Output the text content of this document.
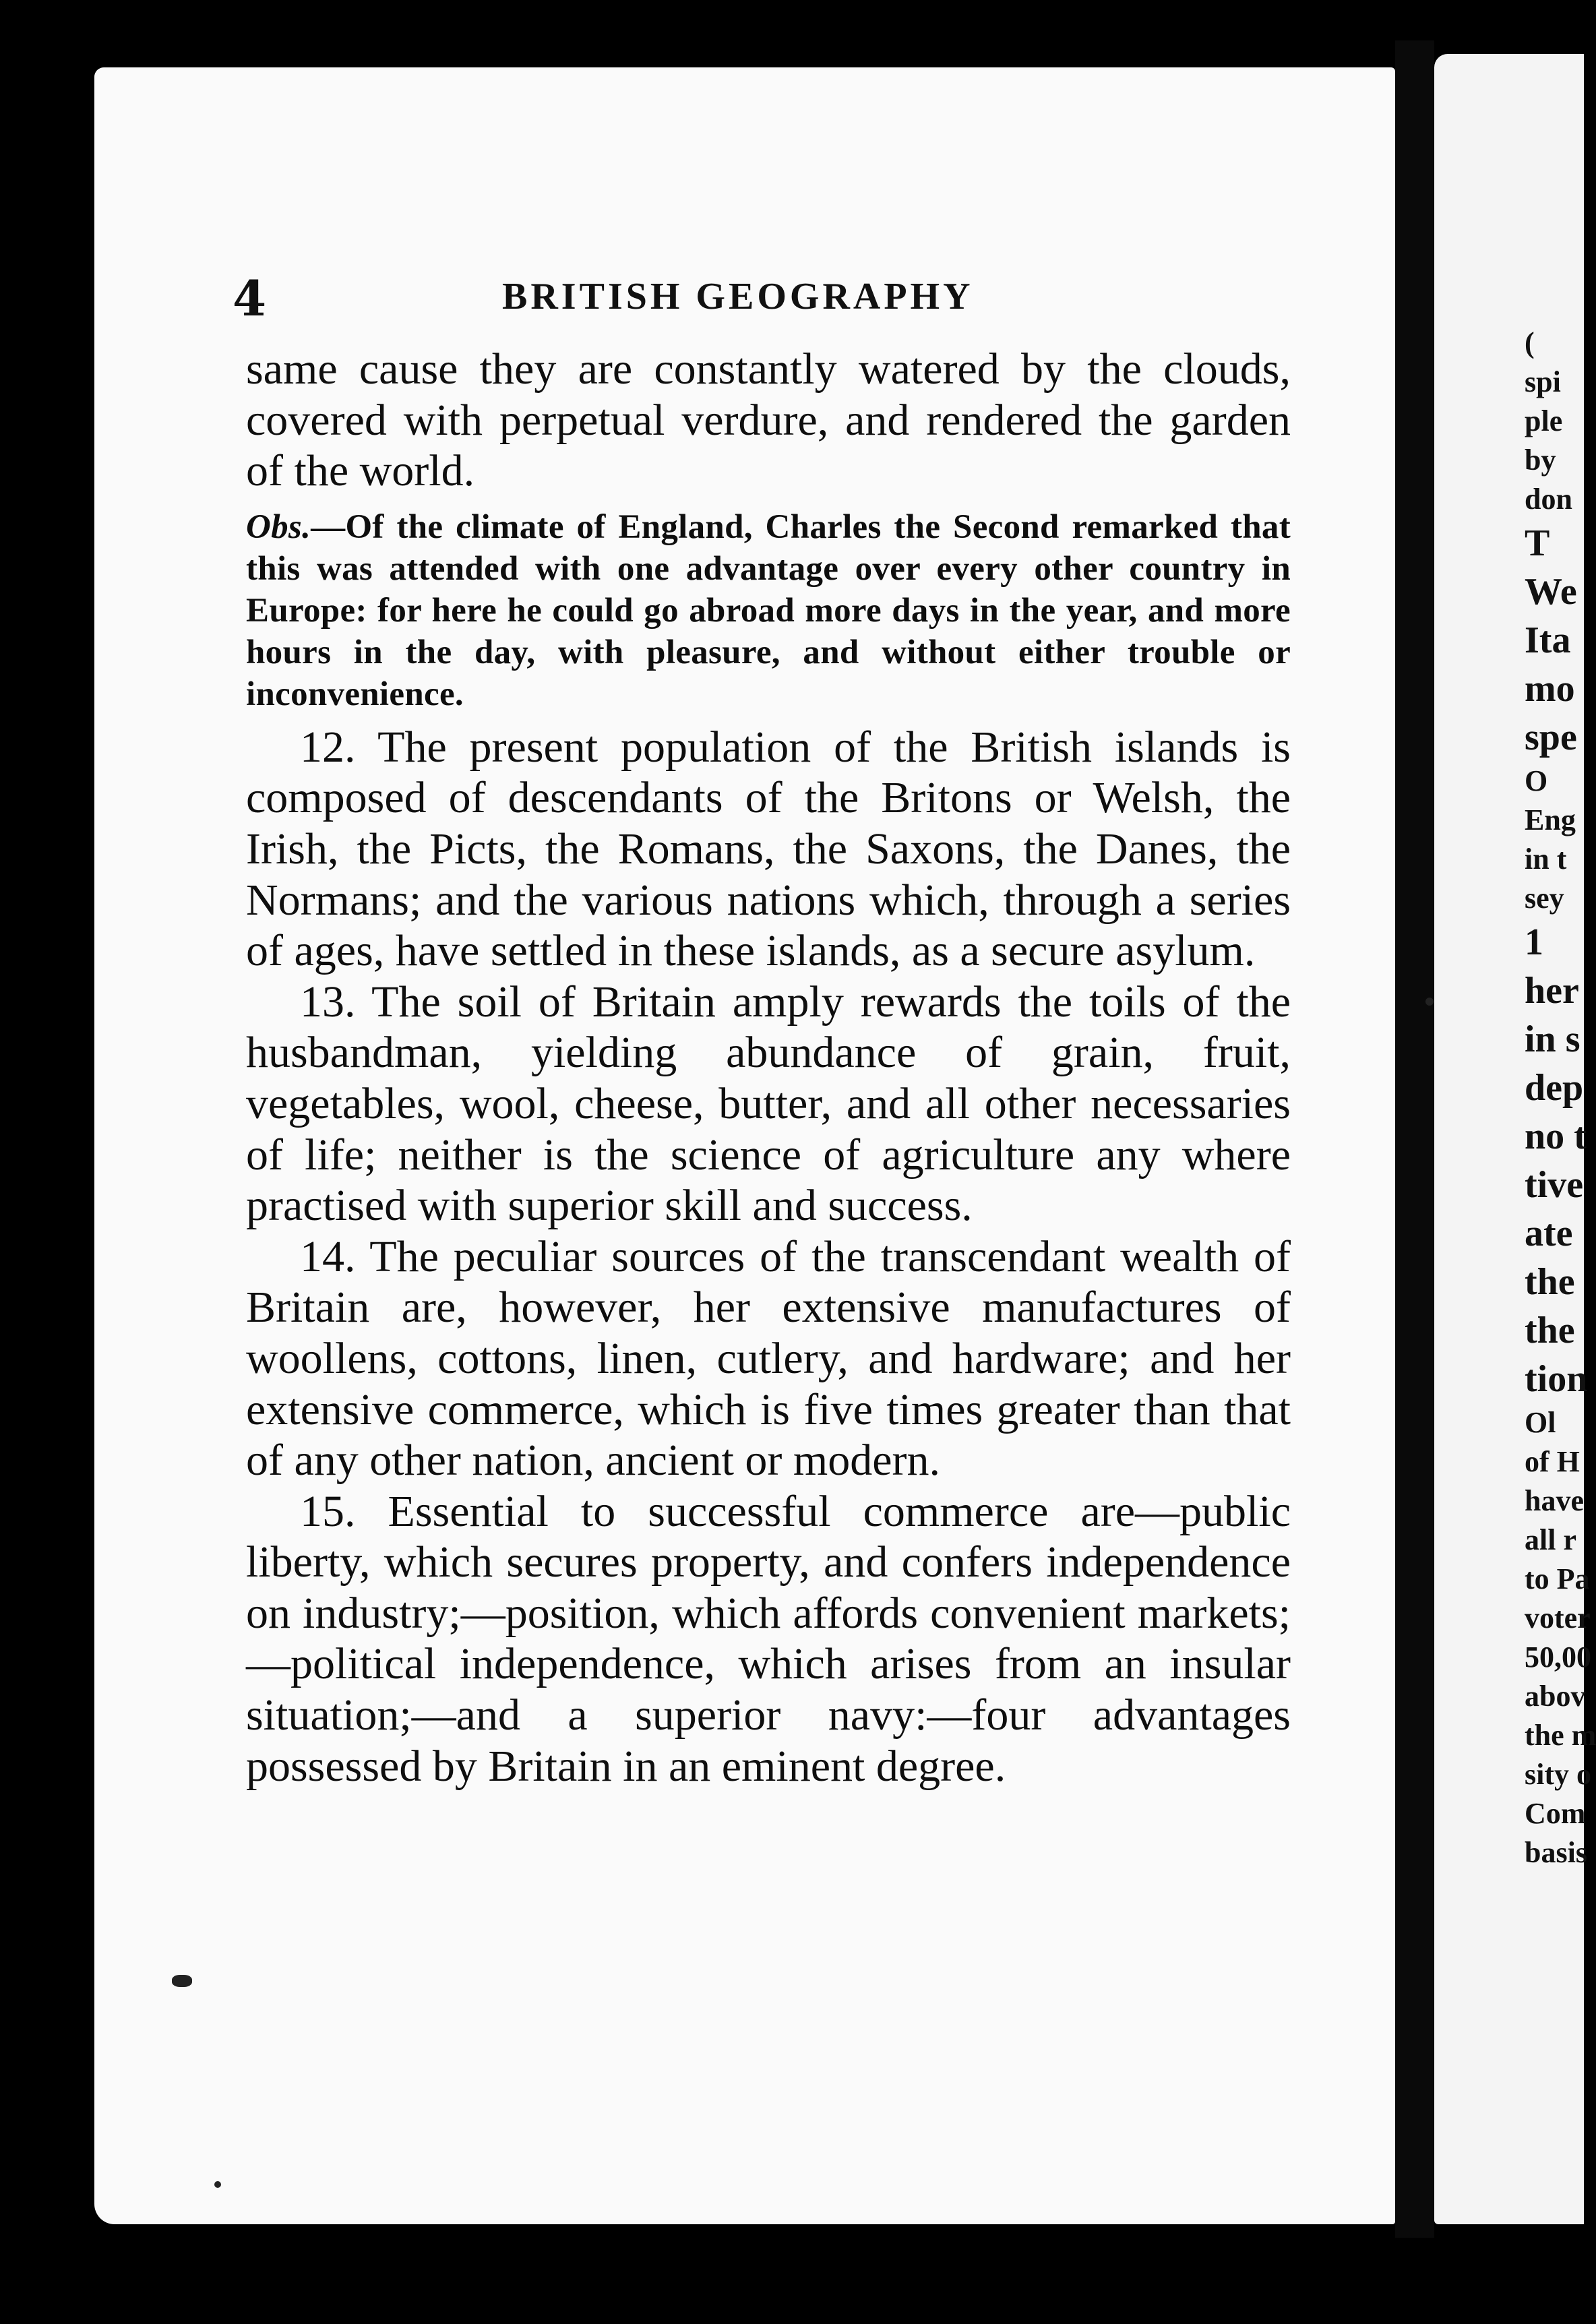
4	BRITISH GEOGRAPHY

same cause they are constantly watered by the clouds, covered with perpetual verdure, and rendered the garden of the world.

Obs.—Of the climate of England, Charles the Second remarked that this was attended with one advantage over every other country in Europe: for here he could go abroad more days in the year, and more hours in the day, with pleasure, and without either trouble or inconvenience.

12. The present population of the British islands is composed of descendants of the Britons or Welsh, the Irish, the Picts, the Romans, the Saxons, the Danes, the Normans; and the various nations which, through a series of ages, have settled in these islands, as a secure asylum.

13. The soil of Britain amply rewards the toils of the husbandman, yielding abundance of grain, fruit, vegetables, wool, cheese, butter, and all other necessaries of life; neither is the science of agriculture any where practised with superior skill and success.

14. The peculiar sources of the transcendant wealth of Britain are, however, her extensive manufactures of woollens, cottons, linen, cutlery, and hardware; and her extensive commerce, which is five times greater than that of any other nation, ancient or modern.

15. Essential to successful commerce are—public liberty, which secures property, and confers independence on industry;—position, which affords convenient markets;—political independence, which arises from an insular situation;—and a superior navy:—four advantages possessed by Britain in an eminent degree.

(
spi
ple
by
don
T
We
Ita
mo
spe
O
Eng
in t
sey
1
her
in s
dep
no t
tive
ate
the
the
tion
Ol
of H
have
all r
to Pa
voter
50,00
abov
the m
sity o
Com
basis
